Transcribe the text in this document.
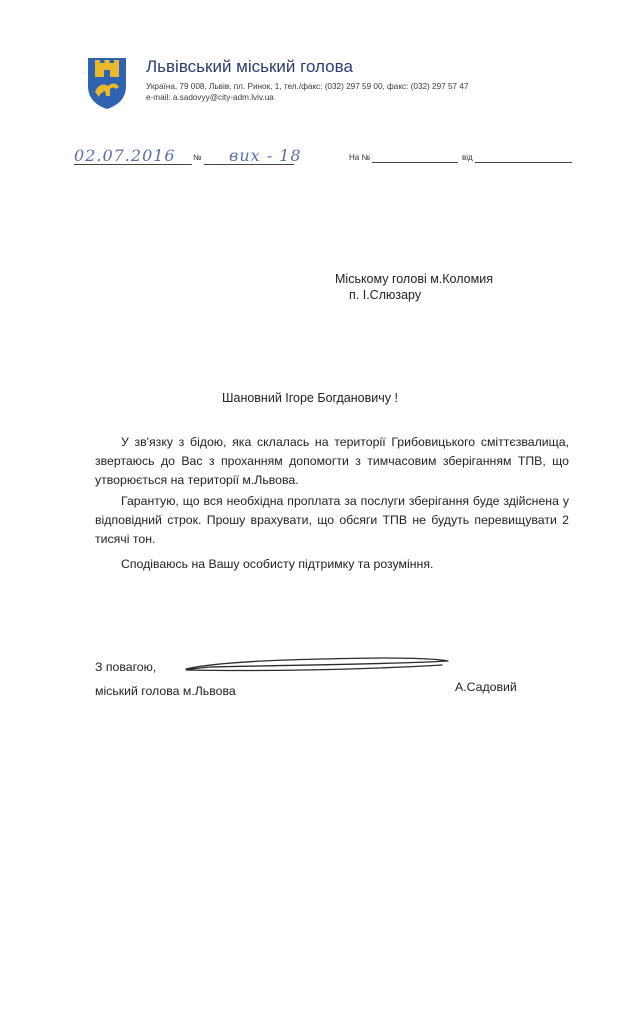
Львівський міський голова
Україна, 79 008, Львів, пл. Ринок, 1, тел./факс: (032) 297 59 00, факс: (032) 297 57 47
e-mail: a.sadovyy@city-adm.lviv.ua
02.07.2016 № вих - 18	На №	від
Міському голові м.Коломия
п. І.Слюзару
Шановний Ігоре Богдановичу !
У зв'язку з бідою, яка склалась на території Грибовицького сміттєзвалища, звертаюсь до Вас з проханням допомогти з тимчасовим зберіганням ТПВ, що утворюється на території м.Львова.
Гарантую, що вся необхідна проплата за послуги зберігання буде здійснена у відповідний строк. Прошу врахувати, що обсяги ТПВ не будуть перевищувати 2 тисячі тон.
Сподіваюсь на Вашу особисту підтримку та розуміння.
З повагою,
міський голова м.Львова	А.Садовий
